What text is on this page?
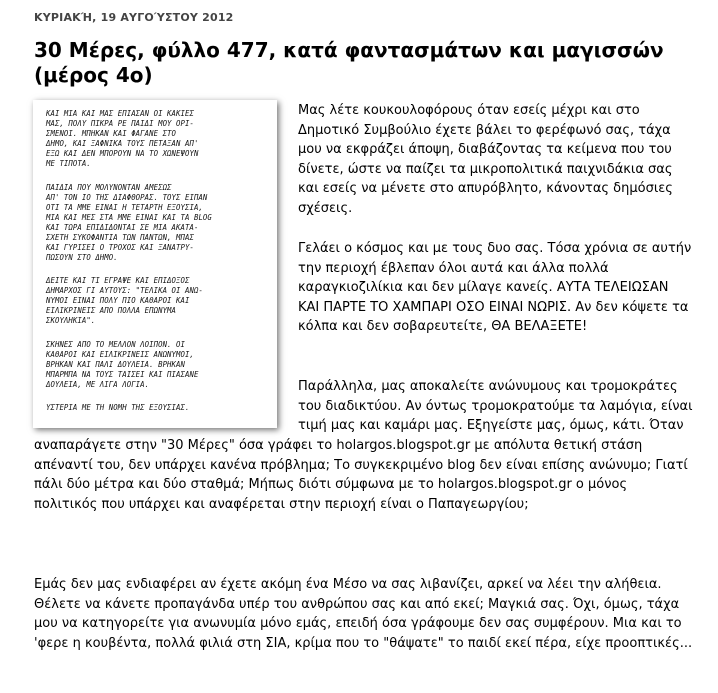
ΚΥΡΙΑΚΉ, 19 ΑΥΓΟΎΣΤΟΥ 2012
30 Μέρες, φύλλο 477, κατά φαντασμάτων και μαγισσών (μέρος 4ο)
ΚΑΙ ΜΙΑ ΚΑΙ ΜΑΣ ΕΠΙΑΣΑΝ ΟΙ ΚΑΚΙΕΣ
ΜΑΣ, ΠΟΛΥ ΠΙΚΡΑ ΡΕ ΠΑΙΔΙ ΜΟΥ ΟΡΙ-
ΣΜΕΝΟΙ. ΜΠΗΚΑΝ ΚΑΙ ΦΑΓΑΝΕ ΣΤΟ
ΔΗΜΟ, ΚΑΙ ΞΑΦΝΙΚΑ ΤΟΥΣ ΠΕΤΑΞΑΝ ΑΠ'
ΕΞΩ ΚΑΙ ΔΕΝ ΜΠΟΡΟΥΝ ΝΑ ΤΟ ΧΩΝΕΨΟΥΝ
ΜΕ ΤΙΠΟΤΑ.
ΠΑΙΔΙΑ ΠΟΥ ΜΟΛΥΝΟΝΤΑΝ ΑΜΕΣΩΣ
ΑΠ' ΤΟΝ ΙΟ ΤΗΣ ΔΙΑΦΘΟΡΑΣ. ΤΟΥΣ ΕΙΠΑΝ
ΟΤΙ ΤΑ ΜΜΕ ΕΙΝΑΙ Η ΤΕΤΑΡΤΗ ΕΞΟΥΣΙΑ,
ΜΙΑ ΚΑΙ ΜΕΣ ΣΤΑ ΜΜΕ ΕΙΝΑΙ ΚΑΙ ΤΑ BLOG
ΚΑΙ ΤΩΡΑ ΕΠΙΔΙΔΟΝΤΑΙ ΣΕ ΜΙΑ ΑΚΑΤΑ-
ΣΧΕΤΗ ΣΥΚΟΦΑΝΤΙΑ ΤΩΝ ΠΑΝΤΩΝ, ΜΠΑΣ
ΚΑΙ ΓΥΡΙΣΕΙ Ο ΤΡΟΧΟΣ ΚΑΙ ΞΑΝΑΤΡΥ-
ΠΩΣΟΥΝ ΣΤΟ ΔΗΜΟ.
ΔΕΙΤΕ ΚΑΙ ΤΙ ΕΓΡΑΨΕ ΚΑΙ ΕΠΙΔΟΞΟΣ
ΔΗΜΑΡΧΟΣ ΓΙ ΑΥΤΟΥΣ: "ΤΕΛΙΚΑ ΟΙ ΑΝΩ-
ΝΥΜΟΙ ΕΙΝΑΙ ΠΟΛΥ ΠΙΟ ΚΑΘΑΡΟΙ ΚΑΙ
ΕΙΛΙΚΡΙΝΕΙΣ ΑΠΟ ΠΟΛΛΑ ΕΠΩΝΥΜΑ
ΣΚΟΥΛΗΚΙΑ".
ΣΚΗΝΕΣ ΑΠΟ ΤΟ ΜΕΛΛΟΝ ΛΟΙΠΟΝ. ΟΙ
ΚΑΘΑΡΟΙ ΚΑΙ ΕΙΛΙΚΡΙΝΕΙΣ ΑΝΩΝΥΜΟΙ,
ΒΡΗΚΑΝ ΚΑΙ ΠΑΛΙ ΔΟΥΛΕΙΑ. ΒΡΗΚΑΝ
ΜΠΑΡΜΠΑ ΝΑ ΤΟΥΣ ΤΑΙΣΕΙ ΚΑΙ ΠΙΑΣΑΝΕ
ΔΟΥΛΕΙΑ, ΜΕ ΛΙΓΑ ΛΟΓΙΑ.
ΥΣΤΕΡΙΑ ΜΕ ΤΗ ΝΟΜΗ ΤΗΣ ΕΞΟΥΣΙΑΣ.

Μας λέτε κουκουλοφόρους όταν εσείς μέχρι και στο Δημοτικό Συμβούλιο έχετε βάλει το φερέφωνό σας, τάχα μου να εκφράζει άποψη, διαβάζοντας τα κείμενα που του δίνετε, ώστε να παίζει τα μικροπολιτικά παιχνιδάκια σας και εσείς να μένετε στο απυρόβλητο, κάνοντας δημόσιες σχέσεις.

Γελάει ο κόσμος και με τους δυο σας. Τόσα χρόνια σε αυτήν την περιοχή έβλεπαν όλοι αυτά και άλλα πολλά καραγκιοζιλίκια και δεν μίλαγε κανείς. ΑΥΤΑ ΤΕΛΕΙΩΣΑΝ ΚΑΙ ΠΑΡΤΕ ΤΟ ΧΑΜΠΑΡΙ ΟΣΟ ΕΙΝΑΙ ΝΩΡΙΣ. Αν δεν κόψετε τα κόλπα και δεν σοβαρευτείτε, ΘΑ ΒΕΛΑΞΕΤΕ!

Παράλληλα, μας αποκαλείτε ανώνυμους και τρομοκράτες του διαδικτύου. Αν όντως τρομοκρατούμε τα λαμόγια, είναι τιμή μας και καμάρι μας. Εξηγείστε μας, όμως, κάτι. Όταν

αναπαράγετε στην "30 Μέρες" όσα γράφει το holargos.blogspot.gr με απόλυτα θετική στάση απέναντί του, δεν υπάρχει κανένα πρόβλημα; Το συγκεκριμένο blog δεν είναι επίσης ανώνυμο; Γιατί πάλι δύο μέτρα και δύο σταθμά; Μήπως διότι σύμφωνα με το holargos.blogspot.gr ο μόνος πολιτικός που υπάρχει και αναφέρεται στην περιοχή είναι ο Παπαγεωργίου;

Εμάς δεν μας ενδιαφέρει αν έχετε ακόμη ένα Μέσο να σας λιβανίζει, αρκεί να λέει την αλήθεια. Θέλετε να κάνετε προπαγάνδα υπέρ του ανθρώπου σας και από εκεί; Μαγκιά σας. Όχι, όμως, τάχα μου να κατηγορείτε για ανωνυμία μόνο εμάς, επειδή όσα γράφουμε δεν σας συμφέρουν. Μια και το 'φερε η κουβέντα, πολλά φιλιά στη ΣΙΑ, κρίμα που το "θάψατε" το παιδί εκεί πέρα, είχε προοπτικές...
